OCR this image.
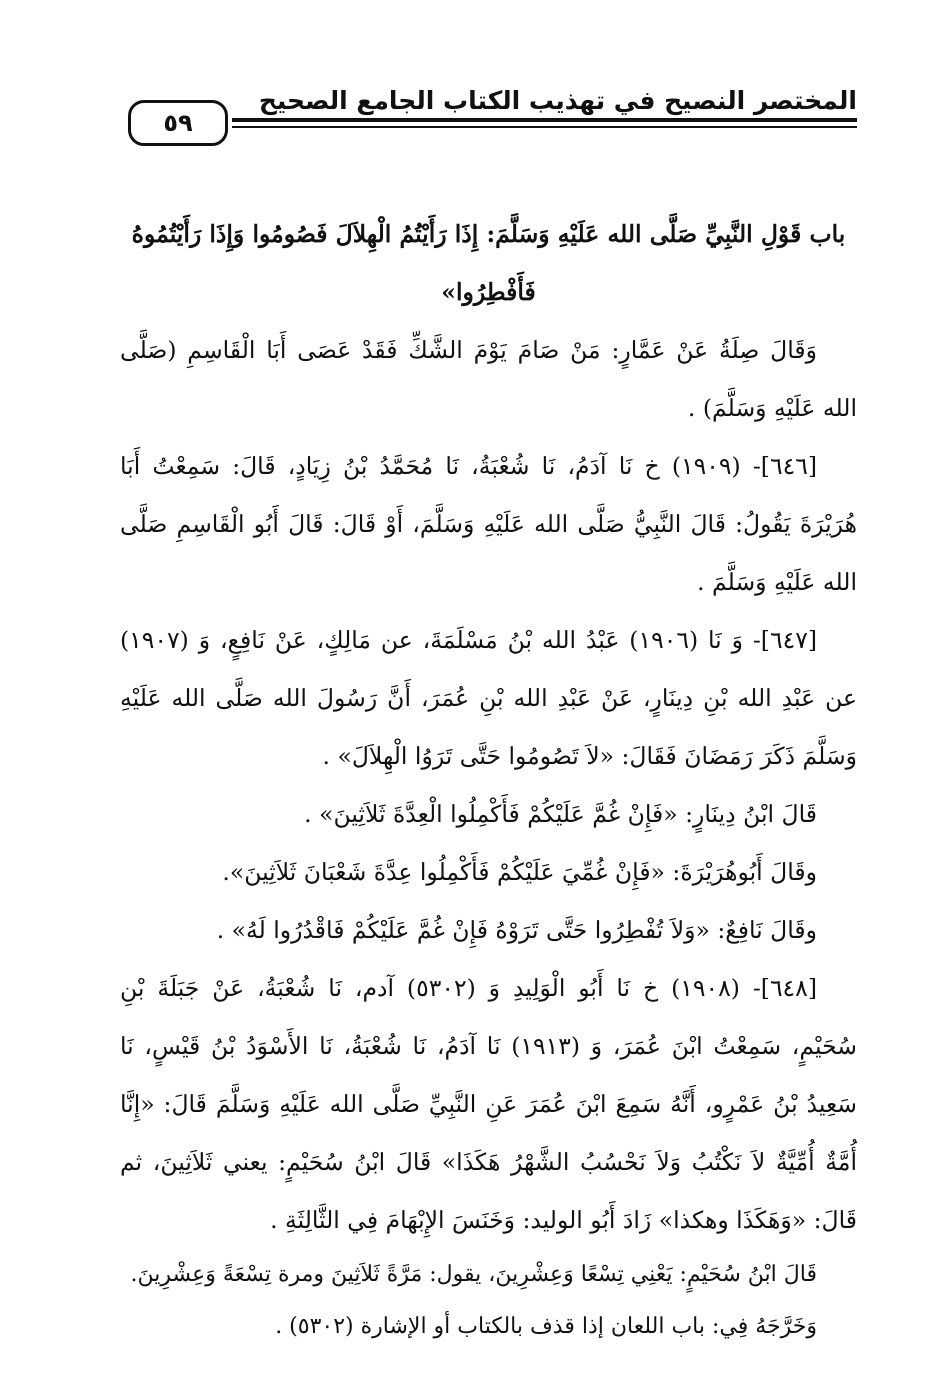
المختصر النصيح في تهذيب الكتاب الجامع الصحيح
٥٩

باب قَوْلِ النَّبِيِّ صَلَّى الله عَلَيْهِ وَسَلَّمَ: إِذَا رَأَيْتُمُ الْهِلاَلَ فَصُومُوا وَإِذَا رَأَيْتُمُوهُ فَأَفْطِرُوا»

وَقَالَ صِلَةُ عَنْ عَمَّارٍ: مَنْ صَامَ يَوْمَ الشَّكِّ فَقَدْ عَصَى أَبَا الْقَاسِمِ (صَلَّى الله عَلَيْهِ وَسَلَّمَ) .

[٦٤٦]- (١٩٠٩) خ نَا آدَمُ، نَا شُعْبَةُ، نَا مُحَمَّدُ بْنُ زِيَادٍ، قَالَ: سَمِعْتُ أَبَا هُرَيْرَةَ يَقُولُ: قَالَ النَّبِيُّ صَلَّى الله عَلَيْهِ وَسَلَّمَ، أَوْ قَالَ: قَالَ أَبُو الْقَاسِمِ صَلَّى الله عَلَيْهِ وَسَلَّمَ .

[٦٤٧]- وَ نَا (١٩٠٦) عَبْدُ الله بْنُ مَسْلَمَةَ، عن مَالِكٍ، عَنْ نَافِعٍ، وَ (١٩٠٧) عن عَبْدِ الله بْنِ دِينَارٍ، عَنْ عَبْدِ الله بْنِ عُمَرَ، أَنَّ رَسُولَ الله صَلَّى الله عَلَيْهِ وَسَلَّمَ ذَكَرَ رَمَضَانَ فَقَالَ: «لاَ تَصُومُوا حَتَّى تَرَوُا الْهِلاَلَ» .

قَالَ ابْنُ دِينَارٍ: «فَإِنْ غُمَّ عَلَيْكُمْ فَأَكْمِلُوا الْعِدَّةَ ثَلاَثِينَ» .

وقَالَ أَبُوهُرَيْرَةَ: «فَإِنْ غُمِّيَ عَلَيْكُمْ فَأَكْمِلُوا عِدَّةَ شَعْبَانَ ثَلاَثِينَ».

وقَالَ نَافِعٌ: «وَلاَ تُفْطِرُوا حَتَّى تَرَوْهُ فَإِنْ غُمَّ عَلَيْكُمْ فَاقْدُرُوا لَهُ» .

[٦٤٨]- (١٩٠٨) خ نَا أَبُو الْوَلِيدِ وَ (٥٣٠٢) آدم، نَا شُعْبَةُ، عَنْ جَبَلَةَ بْنِ سُحَيْمٍ، سَمِعْتُ ابْنَ عُمَرَ، وَ (١٩١٣) نَا آدَمُ، نَا شُعْبَةُ، نَا الأَسْوَدُ بْنُ قَيْسٍ، نَا سَعِيدُ بْنُ عَمْرٍو، أَنَّهُ سَمِعَ ابْنَ عُمَرَ عَنِ النَّبِيِّ صَلَّى الله عَلَيْهِ وَسَلَّمَ قَالَ: «إِنَّا أُمَّةٌ أُمِّيَّةٌ لاَ نَكْتُبُ وَلاَ نَحْسُبُ الشَّهْرُ هَكَذَا» قَالَ ابْنُ سُحَيْمٍ: يعني ثَلاَثِينَ، ثم قَالَ: «وَهَكَذَا وهكذا» زَادَ أَبُو الوليد: وَخَنَسَ الإِبْهَامَ فِي الثَّالِثَةِ .

قَالَ ابْنُ سُحَيْمٍ: يَعْنِي تِسْعًا وَعِشْرِينَ، يقول: مَرَّةً ثَلاَثِينَ ومرة تِسْعَةً وَعِشْرِينَ.

وَخَرَّجَهُ فِي: باب اللعان إذا قذف بالكتاب أو الإشارة (٥٣٠٢) .
